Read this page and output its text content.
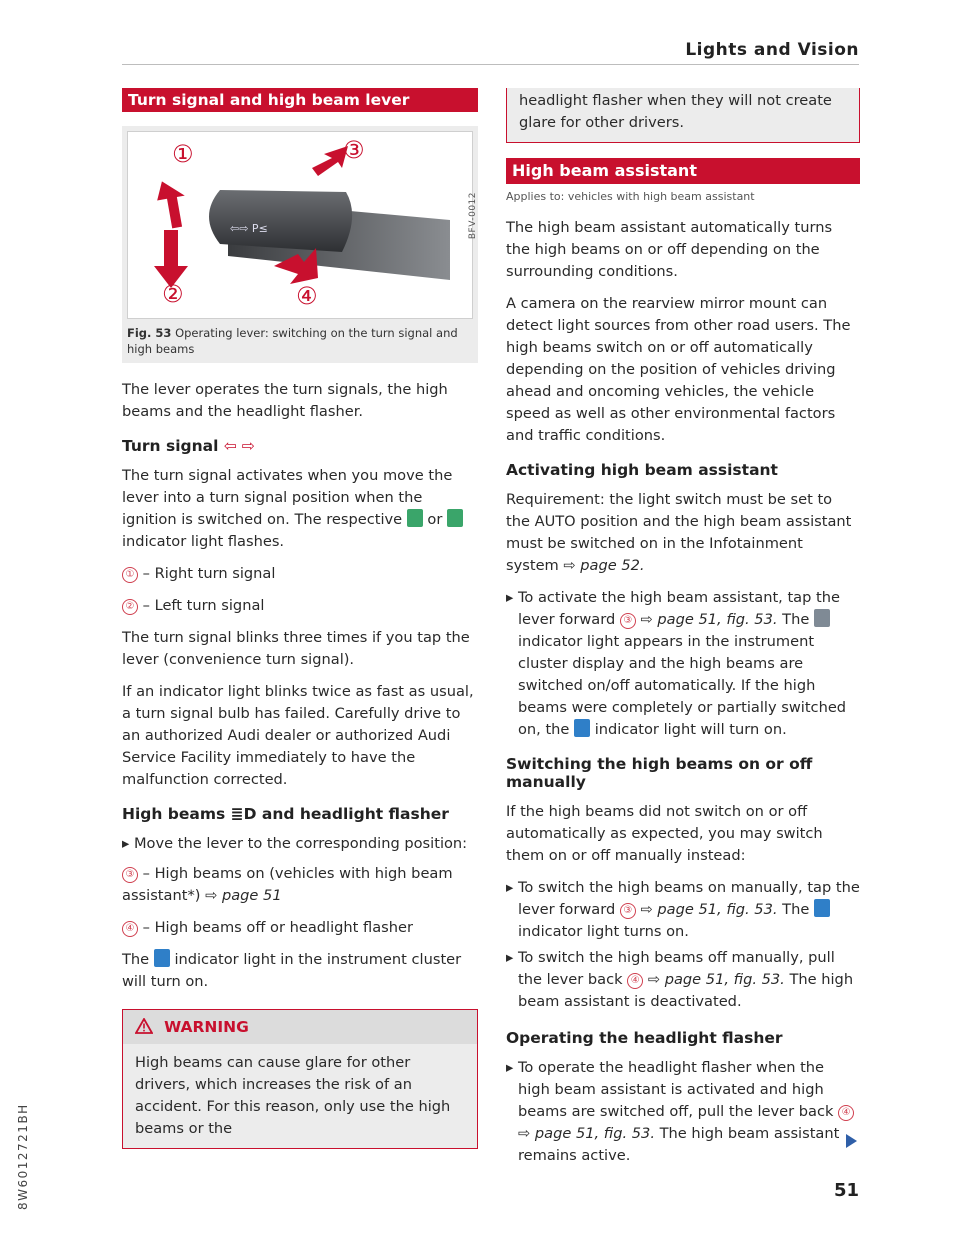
Lights and Vision
8W6012721BH
Turn signal and high beam lever
⇦⇨ P≤
①
②
③
④
BFV-0012
Fig. 53 Operating lever: switching on the turn signal and high beams

The lever operates the turn signals, the high beams and the headlight flasher.

Turn signal ⇦ ⇨

The turn signal activates when you move the lever into a turn signal position when the ignition is switched on. The respective or  indicator light flashes.

① – Right turn signal

② – Left turn signal

The turn signal blinks three times if you tap the lever (convenience turn signal).

If an indicator light blinks twice as fast as usual, a turn signal bulb has failed. Carefully drive to an authorized Audi dealer or authorized Audi Service Facility immediately to have the malfunction corrected.

High beams ≣D and headlight flasher

▸ Move the lever to the corresponding position:

③ – High beams on (vehicles with high beam assistant*) ⇨ page 51

④ – High beams off or headlight flasher

The indicator light in the instrument cluster will turn on.

WARNING
High beams can cause glare for other drivers, which increases the risk of an accident. For this reason, only use the high beams or the
headlight flasher when they will not create glare for other drivers.
High beam assistant
Applies to: vehicles with high beam assistant

The high beam assistant automatically turns the high beams on or off depending on the surrounding conditions.

A camera on the rearview mirror mount can detect light sources from other road users. The high beams switch on or off automatically depending on the position of vehicles driving ahead and oncoming vehicles, the vehicle speed as well as other environmental factors and traffic conditions.

Activating high beam assistant

Requirement: the light switch must be set to the AUTO position and the high beam assistant must be switched on in the Infotainment system ⇨ page 52.

▸ To activate the high beam assistant, tap the lever forward ③ ⇨ page 51, fig. 53. The  indicator light appears in the instrument cluster display and the high beams are switched on/off automatically. If the high beams were completely or partially switched on, the indicator light will turn on.

Switching the high beams on or off manually

If the high beams did not switch on or off automatically as expected, you may switch them on or off manually instead:

▸ To switch the high beams on manually, tap the lever forward ③ ⇨ page 51, fig. 53. The  indicator light turns on.

▸ To switch the high beams off manually, pull the lever back ④ ⇨ page 51, fig. 53. The high beam assistant is deactivated.

Operating the headlight flasher

▸ To operate the headlight flasher when the high beam assistant is activated and high beams are switched off, pull the lever back ④ ⇨ page 51, fig. 53. The high beam assistant remains active.

51
